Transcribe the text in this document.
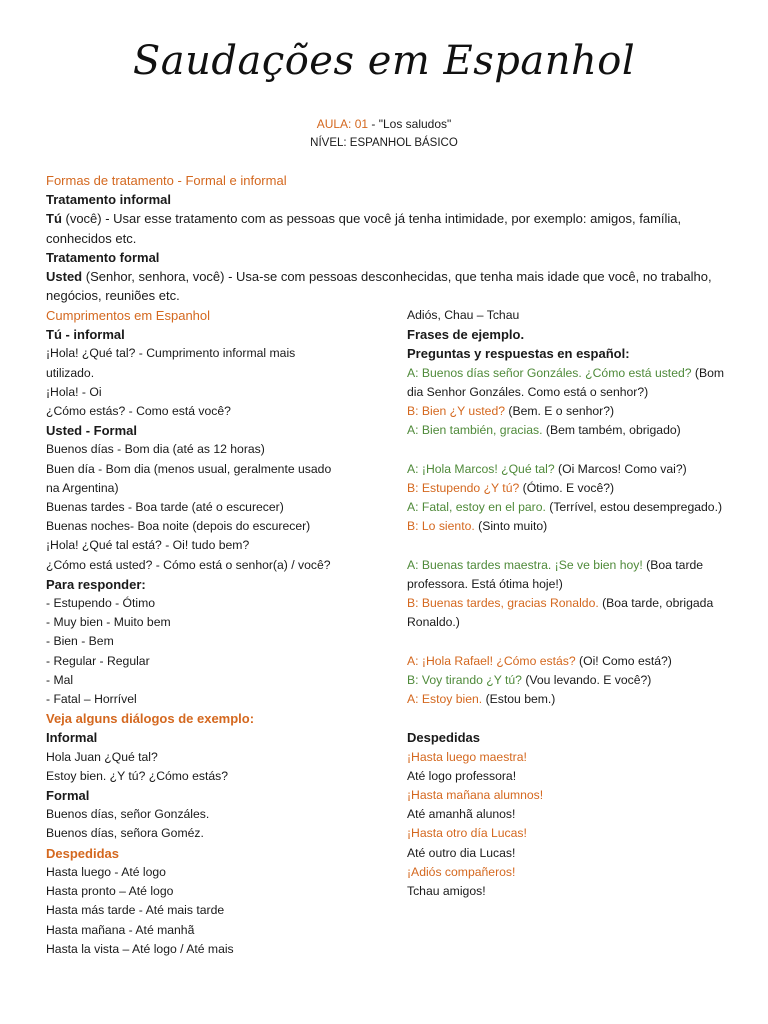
Saudações em Espanhol
AULA: 01 - "Los saludos"
NÍVEL: ESPANHOL BÁSICO
Formas de tratamento - Formal e informal
Tratamento informal
Tú (você) - Usar esse tratamento com as pessoas que você já tenha intimidade, por exemplo: amigos, família, conhecidos etc.
Tratamento formal
Usted (Senhor, senhora, você) - Usa-se com pessoas desconhecidas, que tenha mais idade que você, no trabalho, negócios, reuniões etc.
Cumprimentos em Espanhol
Tú - informal
¡Hola! ¿Qué tal? - Cumprimento informal mais utilizado.
¡Hola! - Oi
¿Cómo estás? - Como está você?
Usted - Formal
Buenos días - Bom dia (até as 12 horas)
Buen día - Bom dia (menos usual, geralmente usado na Argentina)
Buenas tardes - Boa tarde (até o escurecer)
Buenas noches- Boa noite (depois do escurecer)
¡Hola! ¿Qué tal está? - Oi! tudo bem?
¿Cómo está usted? - Cómo está o senhor(a) / você?
Para responder:
- Estupendo - Ótimo
- Muy bien - Muito bem
- Bien - Bem
- Regular - Regular
- Mal
- Fatal – Horrível
Veja alguns diálogos de exemplo:
Informal
Hola Juan ¿Qué tal?
Estoy bien. ¿Y tú? ¿Cómo estás?
Formal
Buenos días, señor Gonzáles.
Buenos días, señora Goméz.
Despedidas
Hasta luego - Até logo
Hasta pronto – Até logo
Hasta más tarde - Até mais tarde
Hasta mañana - Até manhã
Hasta la vista – Até logo / Até mais
Adiós, Chau – Tchau
Frases de ejemplo.
Preguntas y respuestas en español:
A: Buenos días señor Gonzáles. ¿Cómo está usted? (Bom dia Senhor Gonzáles. Como está o senhor?)
B: Bien ¿Y usted? (Bem. E o senhor?)
A: Bien también, gracias. (Bem também, obrigado)
A: ¡Hola Marcos! ¿Qué tal? (Oi Marcos! Como vai?)
B: Estupendo ¿Y tú? (Ótimo. E você?)
A: Fatal, estoy en el paro. (Terrível, estou desempregado.)
B: Lo siento. (Sinto muito)
A: Buenas tardes maestra. ¡Se ve bien hoy! (Boa tarde professora. Está ótima hoje!)
B: Buenas tardes, gracias Ronaldo. (Boa tarde, obrigada Ronaldo.)
A: ¡Hola Rafael! ¿Cómo estás? (Oi! Como está?)
B: Voy tirando ¿Y tú? (Vou levando. E você?)
A: Estoy bien. (Estou bem.)
Despedidas
¡Hasta luego maestra!
Até logo professora!
¡Hasta mañana alumnos!
Até amanhã alunos!
¡Hasta otro día Lucas!
Até outro dia Lucas!
¡Adiós compañeros!
Tchau amigos!
